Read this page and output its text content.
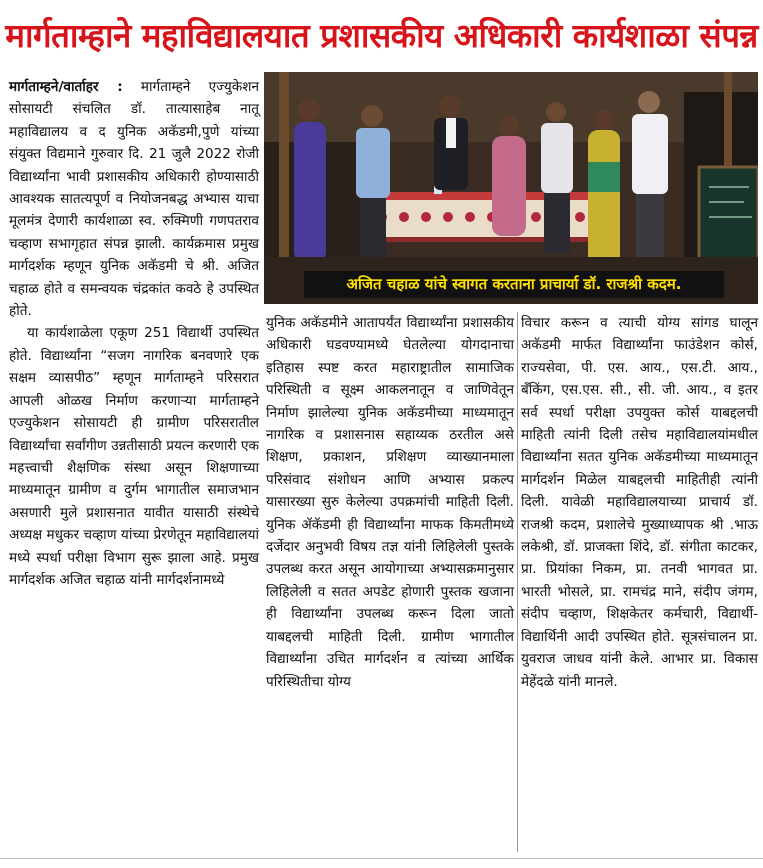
मार्गताम्हाने महाविद्यालयात प्रशासकीय अधिकारी कार्यशाळा संपन्न

मार्गताम्हने/वार्ताहर : मार्गताम्हने एज्युकेशन सोसायटी संचलित डॉ. तात्यासाहेब नातू महाविद्यालय व द युनिक अकॅडमी,पुणे यांच्या संयुक्त विद्यमाने गुरुवार दि. 21 जुलै 2022 रोजी विद्यार्थ्यांना भावी प्रशासकीय अधिकारी होण्यासाठी आवश्यक सातत्यपूर्ण व नियोजनबद्ध अभ्यास याचा मूलमंत्र देणारी कार्यशाळा स्व. रुक्मिणी गणपतराव चव्हाण सभागृहात संपन्न झाली. कार्यक्रमास प्रमुख मार्गदर्शक म्हणून युनिक अकॅडमी चे श्री. अजित चहाळ होते व समन्वयक चंद्रकांत कवठे हे उपस्थित होते.

या कार्यशाळेला एकूण 251 विद्यार्थी उपस्थित होते. विद्यार्थ्यांना “सजग नागरिक बनवणारे एक सक्षम व्यासपीठ” म्हणून मार्गताम्हने परिसरात आपली ओळख निर्माण करणाऱ्या मार्गताम्हने एज्युकेशन सोसायटी ही ग्रामीण परिसरातील विद्यार्थ्यांचा सर्वांगीण उन्नतीसाठी प्रयत्न करणारी एक महत्त्वाची शैक्षणिक संस्था असून शिक्षणाच्या माध्यमातून ग्रामीण व दुर्गम भागातील समाजभान असणारी मुले प्रशासनात यावीत यासाठी संस्थेचे अध्यक्ष मधुकर चव्हाण यांच्या प्रेरणेतून महाविद्यालयां मध्ये स्पर्धा परीक्षा विभाग सुरू झाला आहे. प्रमुख मार्गदर्शक अजित चहाळ यांनी मार्गदर्शनामध्ये

अजित चहाळ यांचे स्वागत करताना प्राचार्या डॉ. राजश्री कदम.

युनिक अकॅडमीने आतापर्यंत विद्यार्थ्यांना प्रशासकीय अधिकारी घडवण्यामध्ये घेतलेल्या योगदानाचा इतिहास स्पष्ट करत महाराष्ट्रातील सामाजिक परिस्थिती व सूक्ष्म आकलनातून व जाणिवेतून निर्माण झालेल्या युनिक अकॅडमीच्या माध्यमातून नागरिक व प्रशासनास सहाय्यक ठरतील असे शिक्षण, प्रकाशन, प्रशिक्षण व्याख्यानमाला परिसंवाद संशोधन आणि अभ्यास प्रकल्प यासारख्या सुरु केलेल्या उपक्रमांची माहिती दिली. युनिक ॲकॅडमी ही विद्यार्थ्यांना माफक किमतीमध्ये दर्जेदार अनुभवी विषय तज्ञ यांनी लिहिलेली पुस्तके उपलब्ध करत असून आयोगाच्या अभ्यासक्रमानुसार लिहिलेली व सतत अपडेट होणारी पुस्तक खजाना ही विद्यार्थ्यांना उपलब्ध करून दिला जातो याबद्दलची माहिती दिली. ग्रामीण भागातील विद्यार्थ्यांना उचित मार्गदर्शन व त्यांच्या आर्थिक परिस्थितीचा योग्य

विचार करून व त्याची योग्य सांगड घालून अकॅडमी मार्फत विद्यार्थ्यांना फाउंडेशन कोर्स, राज्यसेवा, पी. एस. आय., एस.टी. आय., बँकिंग, एस.एस. सी., सी. जी. आय., व इतर सर्व स्पर्धा परीक्षा उपयुक्त कोर्स याबद्दलची माहिती त्यांनी दिली तसेच महाविद्यालयांमधील विद्यार्थ्यांना सतत युनिक अकॅडमीच्या माध्यमातून मार्गदर्शन मिळेल याबद्दलची माहितीही त्यांनी दिली. यावेळी महाविद्यालयाच्या प्राचार्य डॉ. राजश्री कदम, प्रशालेचे मुख्याध्यापक श्री .भाऊ लकेश्री, डॉ. प्राजक्ता शिंदे, डॉ. संगीता काटकर, प्रा. प्रियांका निकम, प्रा. तनवी भागवत प्रा. भारती भोसले, प्रा. रामचंद्र माने, संदीप जंगम, संदीप चव्हाण, शिक्षकेतर कर्मचारी, विद्यार्थी- विद्यार्थिनी आदी उपस्थित होते. सूत्रसंचालन प्रा. युवराज जाधव यांनी केले. आभार प्रा. विकास मेहेंदळे यांनी मानले.
